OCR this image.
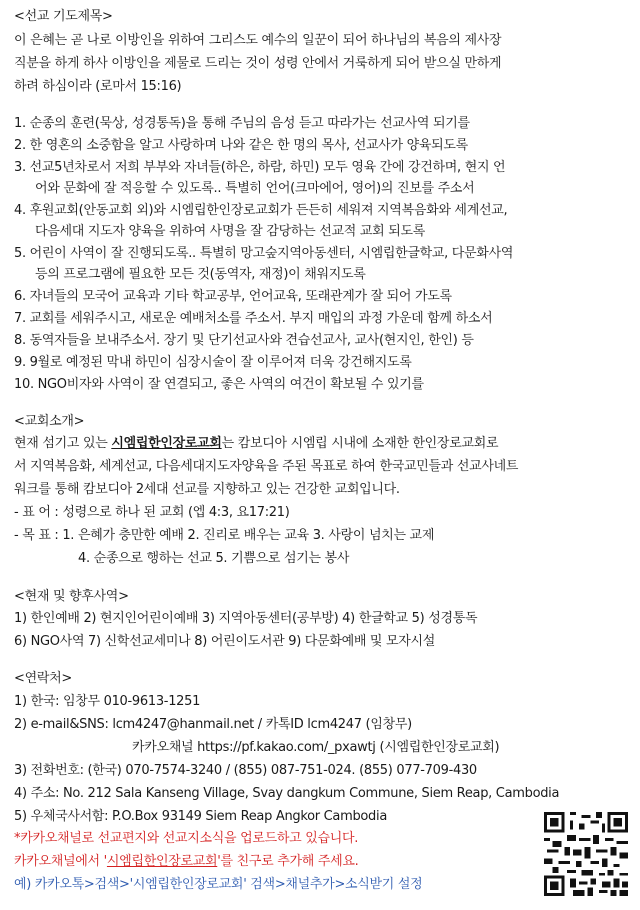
<선교 기도제목>
이 은혜는 곧 나로 이방인을 위하여 그리스도 예수의 일꾼이 되어 하나님의 복음의 제사장
직분을 하게 하사 이방인을 제물로 드리는 것이 성령 안에서 거룩하게 되어 받으실 만하게
하려 하심이라 (로마서 15:16)
1. 순종의 훈련(묵상, 성경통독)을 통해 주님의 음성 듣고 따라가는 선교사역 되기를
2. 한 영혼의 소중함을 알고 사랑하며 나와 같은 한 명의 목사, 선교사가 양육되도록
3. 선교5년차로서 저희 부부와 자녀들(하은, 하람, 하민) 모두 영육 간에 강건하며, 현지 언
어와 문화에 잘 적응할 수 있도록.. 특별히 언어(크마에어, 영어)의 진보를 주소서
4. 후원교회(안동교회 외)와 시엠립한인장로교회가 든든히 세워져 지역복음화와 세계선교,
다음세대 지도자 양육을 위하여 사명을 잘 감당하는 선교적 교회 되도록
5. 어린이 사역이 잘 진행되도록.. 특별히 망고숲지역아동센터, 시엠립한글학교, 다문화사역
등의 프로그램에 필요한 모든 것(동역자, 재정)이 채워지도록
6. 자녀들의 모국어 교육과 기타 학교공부, 언어교육, 또래관계가 잘 되어 가도록
7. 교회를 세워주시고, 새로운 예배처소를 주소서. 부지 매입의 과정 가운데 함께 하소서
8. 동역자들을 보내주소서. 장기 및 단기선교사와 견습선교사, 교사(현지인, 한인) 등
9. 9월로 예정된 막내 하민이 심장시술이 잘 이루어져 더욱 강건해지도록
10. NGO비자와 사역이 잘 연결되고, 좋은 사역의 여건이 확보될 수 있기를
<교회소개>
현재 섬기고 있는 시엠립한인장로교회는 캄보디아 시엠립 시내에 소재한 한인장로교회로
서 지역복음화, 세계선교, 다음세대지도자양육을 주된 목표로 하여 한국교민들과 선교사네트
워크를 통해 캄보디아 2세대 선교를 지향하고 있는 건강한 교회입니다.
- 표 어 : 성령으로 하나 된 교회 (엡 4:3, 요17:21)
- 목 표 : 1. 은혜가 충만한 예배 2. 진리로 배우는 교육 3. 사랑이 넘치는 교제
4. 순종으로 행하는 선교 5. 기쁨으로 섬기는 봉사
<현재 및 향후사역>
1) 한인예배 2) 현지인어린이예배 3) 지역아동센터(공부방) 4) 한글학교 5) 성경통독
6) NGO사역 7) 신학선교세미나 8) 어린이도서관 9) 다문화예배 및 모자시설
<연락처>
1) 한국: 임창무 010-9613-1251
2) e-mail&SNS: lcm4247@hanmail.net / 카톡ID lcm4247 (임창무)
카카오채널 https://pf.kakao.com/_pxawtj (시엠립한인장로교회)
3) 전화번호: (한국) 070-7574-3240 / (855) 087-751-024. (855) 077-709-430
4) 주소: No. 212 Sala Kanseng Village, Svay dangkum Commune, Siem Reap, Cambodia
5) 우체국사서함: P.O.Box 93149 Siem Reap Angkor Cambodia
*카카오채널로 선교편지와 선교지소식을 업로드하고 있습니다.
카카오채널에서 '시엠립한인장로교회'를 친구로 추가해 주세요.
예) 카카오톡>검색>'시엠립한인장로교회' 검색>채널추가>소식받기 설정
